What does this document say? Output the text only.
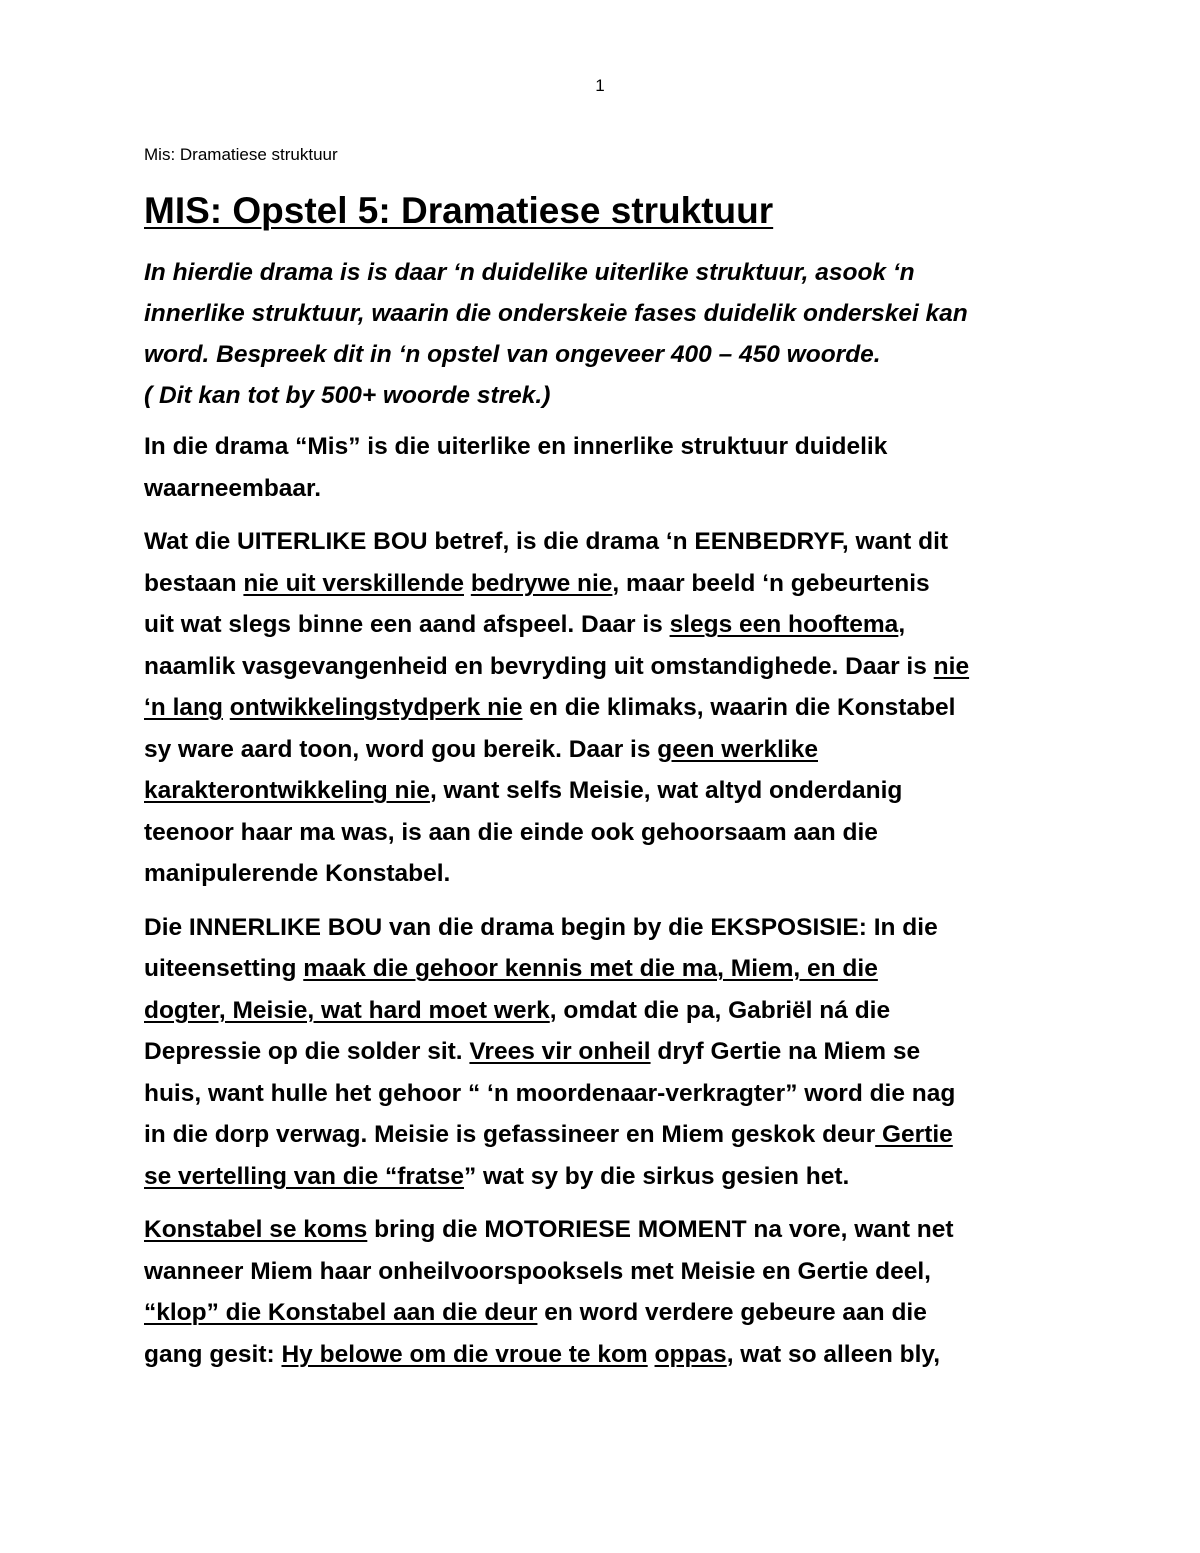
1
Mis: Dramatiese struktuur
MIS: Opstel 5: Dramatiese struktuur
In hierdie drama is is daar ‘n duidelike uiterlike struktuur, asook ‘n
innerlike struktuur, waarin die onderskeie fases duidelik onderskei kan
word. Bespreek dit in ‘n opstel van ongeveer 400 – 450 woorde.
( Dit kan tot by 500+ woorde strek.)
In die drama “Mis” is die uiterlike en innerlike struktuur duidelik
waarneembaar.
Wat die UITERLIKE BOU betref, is die drama ‘n EENBEDRYF, want dit
bestaan nie uit verskillende bedrywe nie, maar beeld ‘n gebeurtenis
uit wat slegs binne een aand afspeel. Daar is slegs een hooftema,
naamlik vasgevangenheid en bevryding uit omstandighede. Daar is nie
‘n lang ontwikkelingstydperk nie en die klimaks, waarin die Konstabel
sy ware aard toon, word gou bereik. Daar is geen werklike
karakterontwikkeling nie, want selfs Meisie, wat altyd onderdanig
teenoor haar ma was, is aan die einde ook gehoorsaam aan die
manipulerende Konstabel.
Die INNERLIKE BOU van die drama begin by die EKSPOSISIE: In die
uiteensetting maak die gehoor kennis met die ma, Miem, en die
dogter, Meisie, wat hard moet werk, omdat die pa, Gabriël ná die
Depressie op die solder sit. Vrees vir onheil dryf Gertie na Miem se
huis, want hulle het gehoor “ ‘n moordenaar-verkragter” word die nag
in die dorp verwag. Meisie is gefassineer en Miem geskok deur Gertie
se vertelling van die “fratse” wat sy by die sirkus gesien het.
Konstabel se koms bring die MOTORIESE MOMENT na vore, want net
wanneer Miem haar onheilvoorspooksels met Meisie en Gertie deel,
“klop” die Konstabel aan die deur en word verdere gebeure aan die
gang gesit: Hy belowe om die vroue te kom oppas, wat so alleen bly,
